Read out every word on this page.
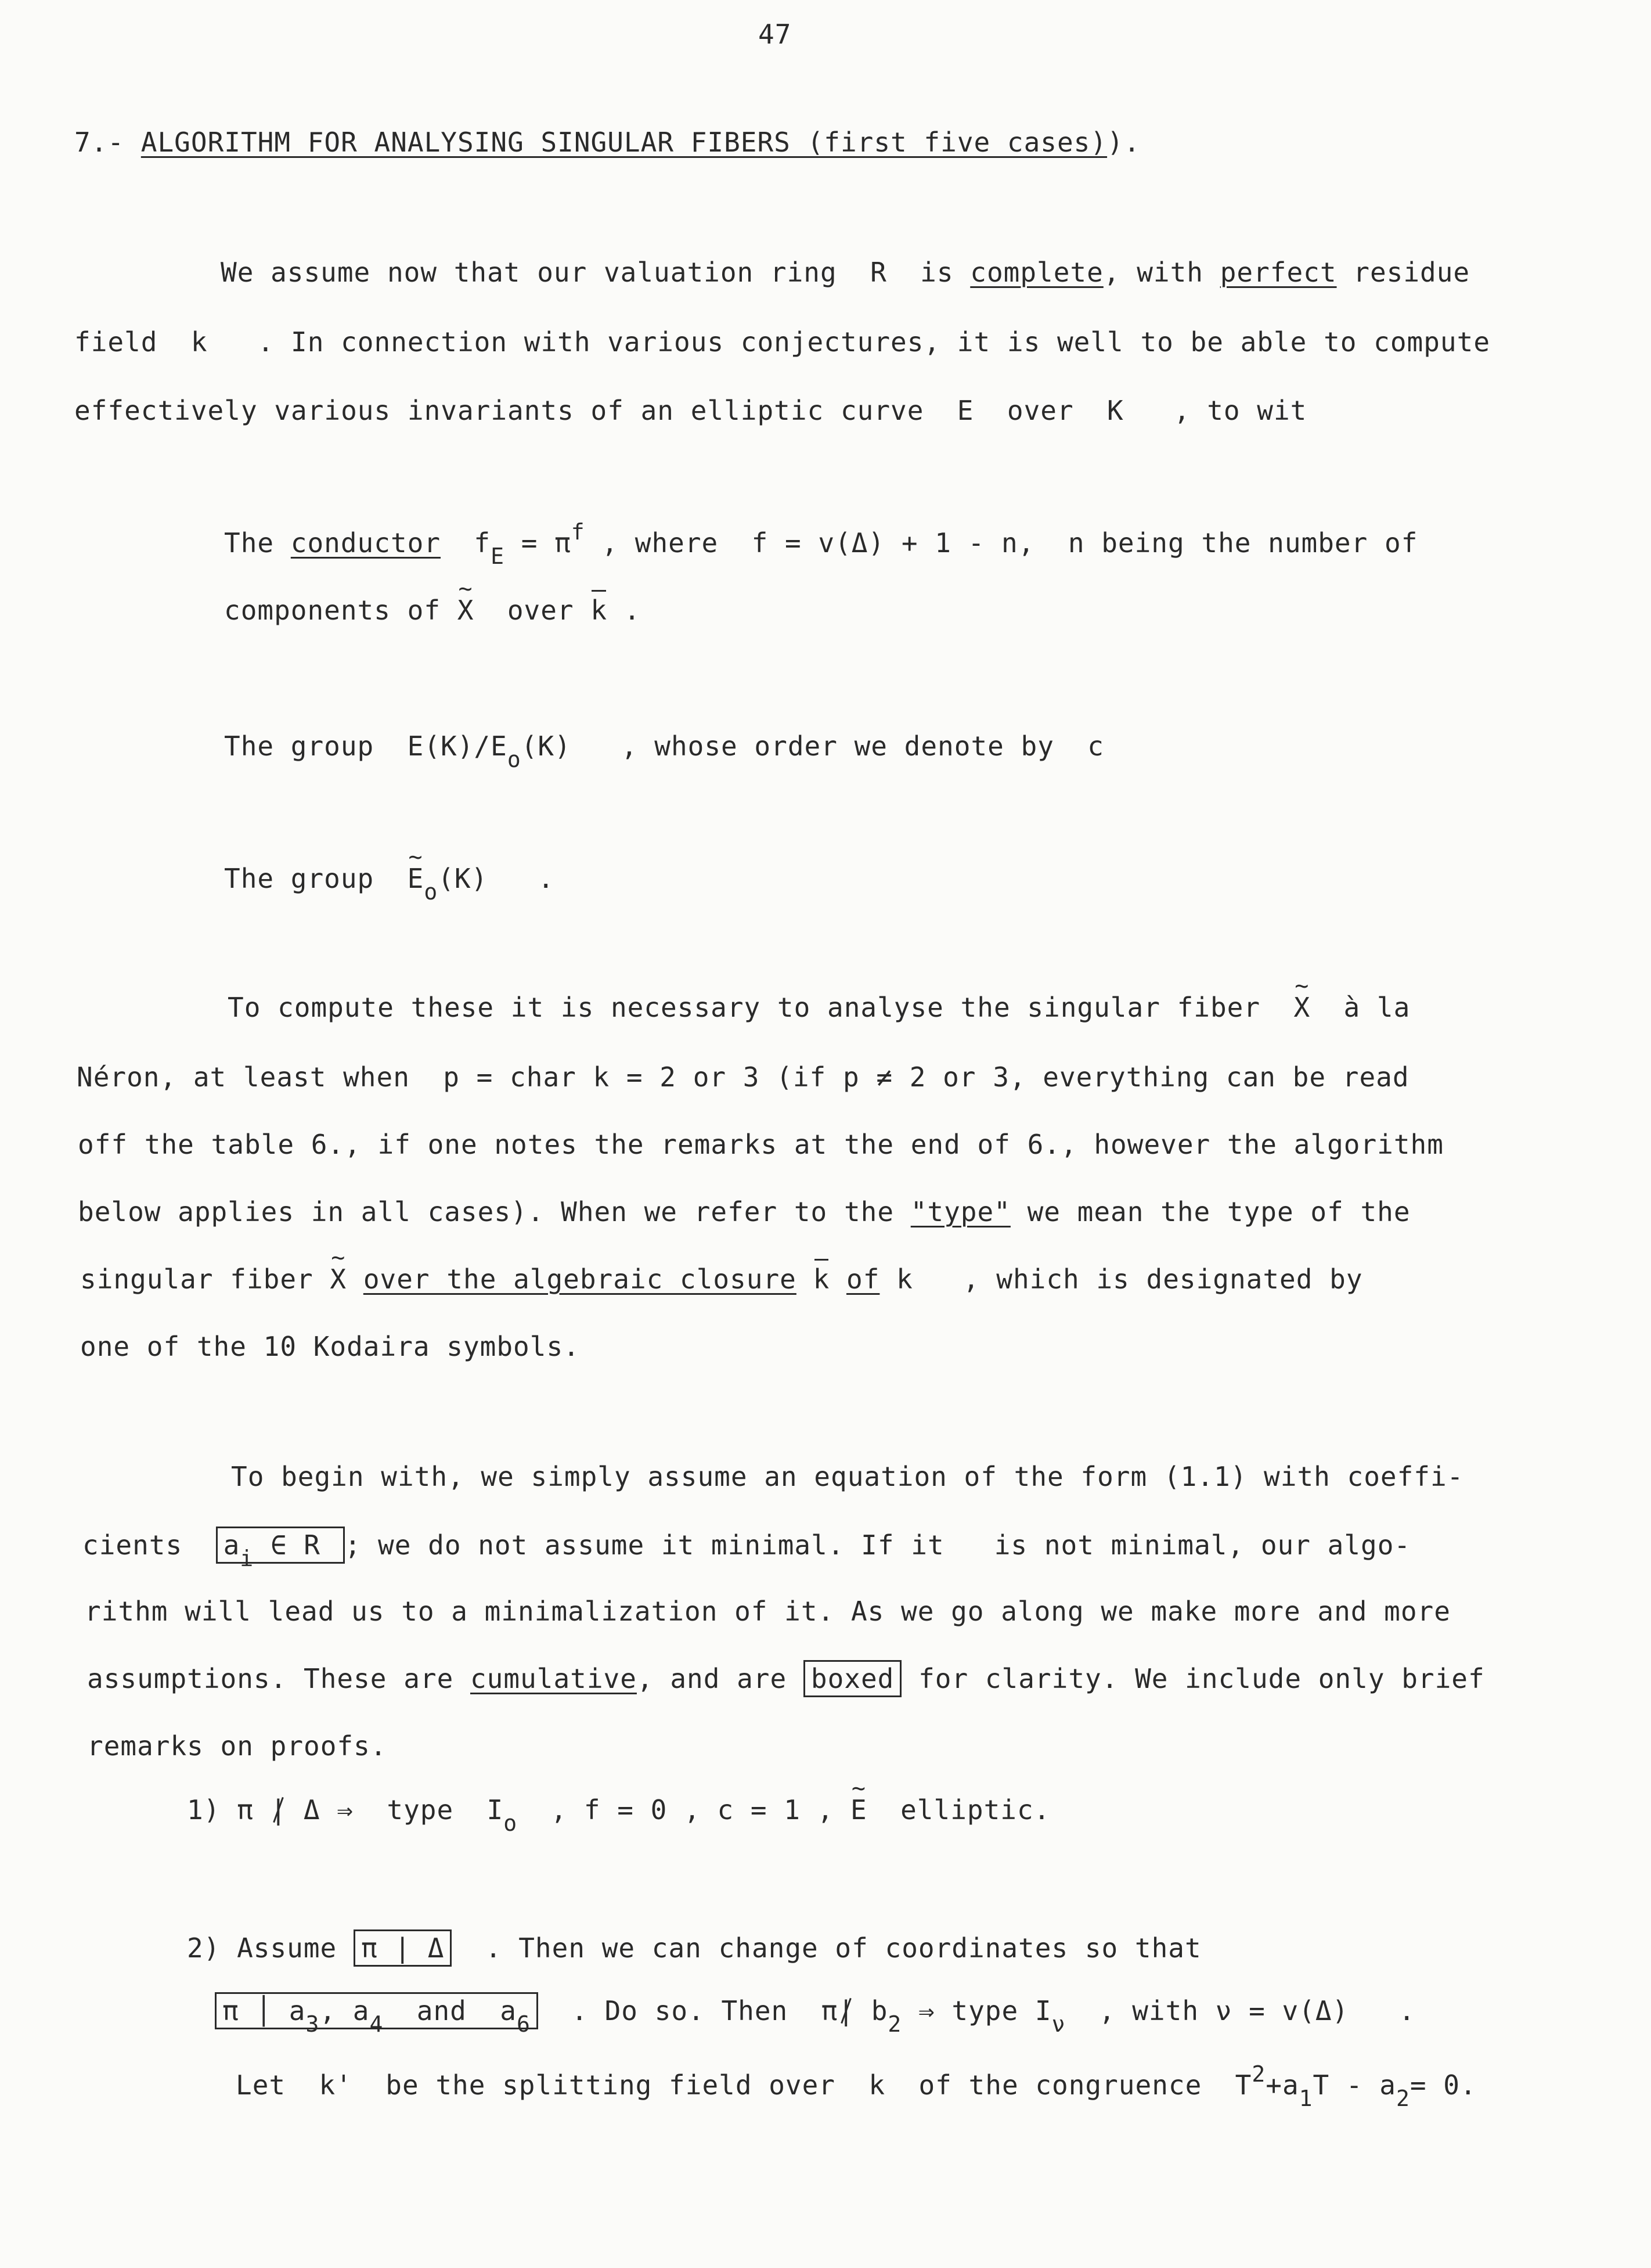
47
7.- ALGORITHM FOR ANALYSING SINGULAR FIBERS (first five cases)).
We assume now that our valuation ring  R  is complete, with perfect residue
field  k   . In connection with various conjectures, it is well to be able to compute
effectively various invariants of an elliptic curve  E  over  K   , to wit
The conductor $f_E = \pi^f$ , where  f = v(Δ) + 1 - n,  n being the number of
components of ~ X  over k .
The group  $E(K)/E_o(K)$   , whose order we denote by  c
The group  ~ $E_o(K)$   .
To compute these it is necessary to analyse the singular fiber  ~ X  à la
Néron, at least when  p = char k = 2 or 3 (if p ≠ 2 or 3, everything can be read
off the table 6., if one notes the remarks at the end of 6., however the algorithm
below applies in all cases). When we refer to the "type" we mean the type of the
singular fiber ~ X over the algebraic closure k of k   , which is designated by
one of the 10 Kodaira symbols.
To begin with, we simply assume an equation of the form (1.1) with coeffi-
cients  $a_i$ ∈ R ; we do not assume it minimal. If it   is not minimal, our algo-
rithm will lead us to a minimalization of it. As we go along we make more and more
assumptions. These are cumulative, and are boxed for clarity. We include only brief
remarks on proofs.
1) π | Δ ⇒  type  $I_o$  , f = 0 , c = 1 , ~ E  elliptic.
2) Assume π | Δ  . Then we can change of coordinates so that
π │ $a_3$, $a_4$  and  $a_6$  . Do so. Then  π| $b_2$ ⇒ type $I_\nu$  , with ν = v(Δ)   .
Let  k'  be the splitting field over  k  of the congruence  $T^2+a_1T - a_2= 0$.
